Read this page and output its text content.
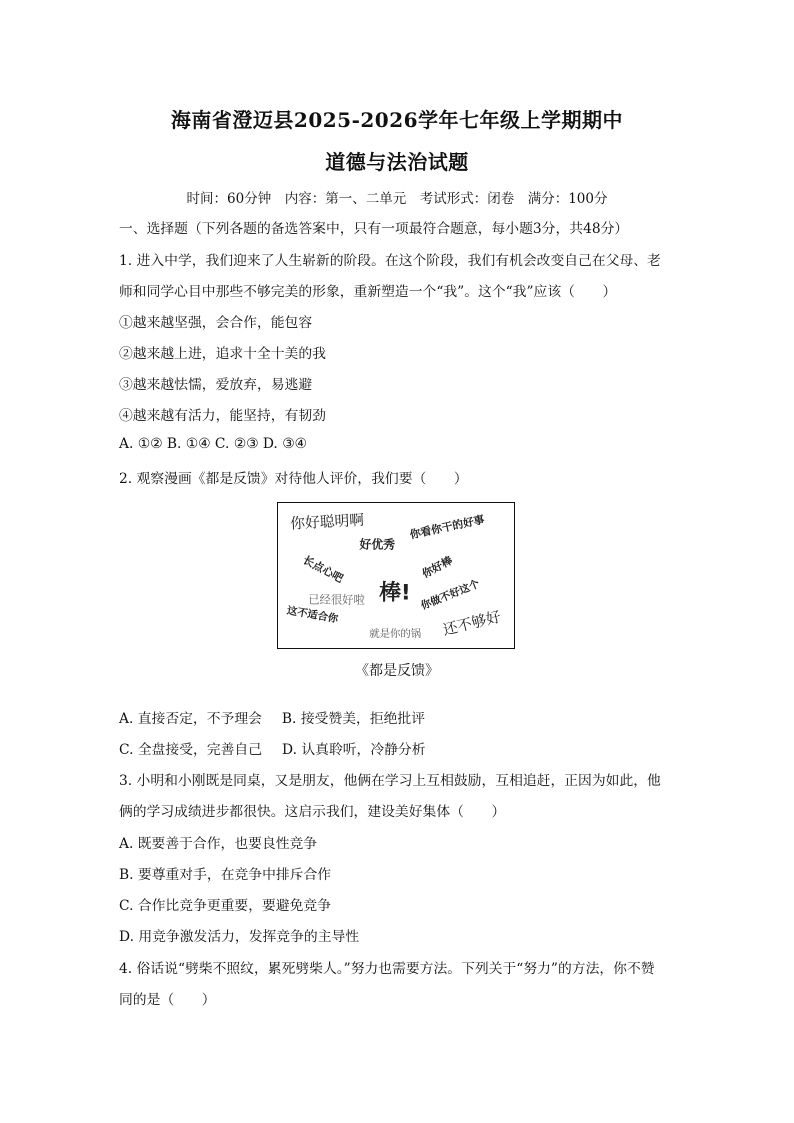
海南省澄迈县2025-2026学年七年级上学期期中
道德与法治试题
时间：60分钟　内容：第一、二单元　考试形式：闭卷　满分：100分
一、选择题（下列各题的备选答案中，只有一项最符合题意，每小题3分，共48分）
1. 进入中学，我们迎来了人生崭新的阶段。在这个阶段，我们有机会改变自己在父母、老
师和同学心目中那些不够完美的形象，重新塑造一个“我”。这个“我”应该（　　）
①越来越坚强，会合作，能包容
②越来越上进，追求十全十美的我
③越来越怯懦，爱放弃，易逃避
④越来越有活力，能坚持，有韧劲
A. ①② B. ①④ C. ②③ D. ③④
2. 观察漫画《都是反馈》对待他人评价，我们要（　　）
你好聪明啊
好优秀
你看你干的好事
长点心吧	你好棒
棒!
已经很好啦	你做不好这个
这不适合你
就是你的锅 还不够好
《都是反馈》
A. 直接否定，不予理会 B. 接受赞美，拒绝批评
C. 全盘接受，完善自己 D. 认真聆听，冷静分析
3. 小明和小刚既是同桌，又是朋友，他俩在学习上互相鼓励，互相追赶，正因为如此，他
俩的学习成绩进步都很快。这启示我们，建设美好集体（　　）
A. 既要善于合作，也要良性竞争
B. 要尊重对手，在竞争中排斥合作
C. 合作比竞争更重要，要避免竞争
D. 用竞争激发活力，发挥竞争的主导性
4. 俗话说“劈柴不照纹，累死劈柴人。”努力也需要方法。下列关于“努力”的方法，你不赞
同的是（　　）
